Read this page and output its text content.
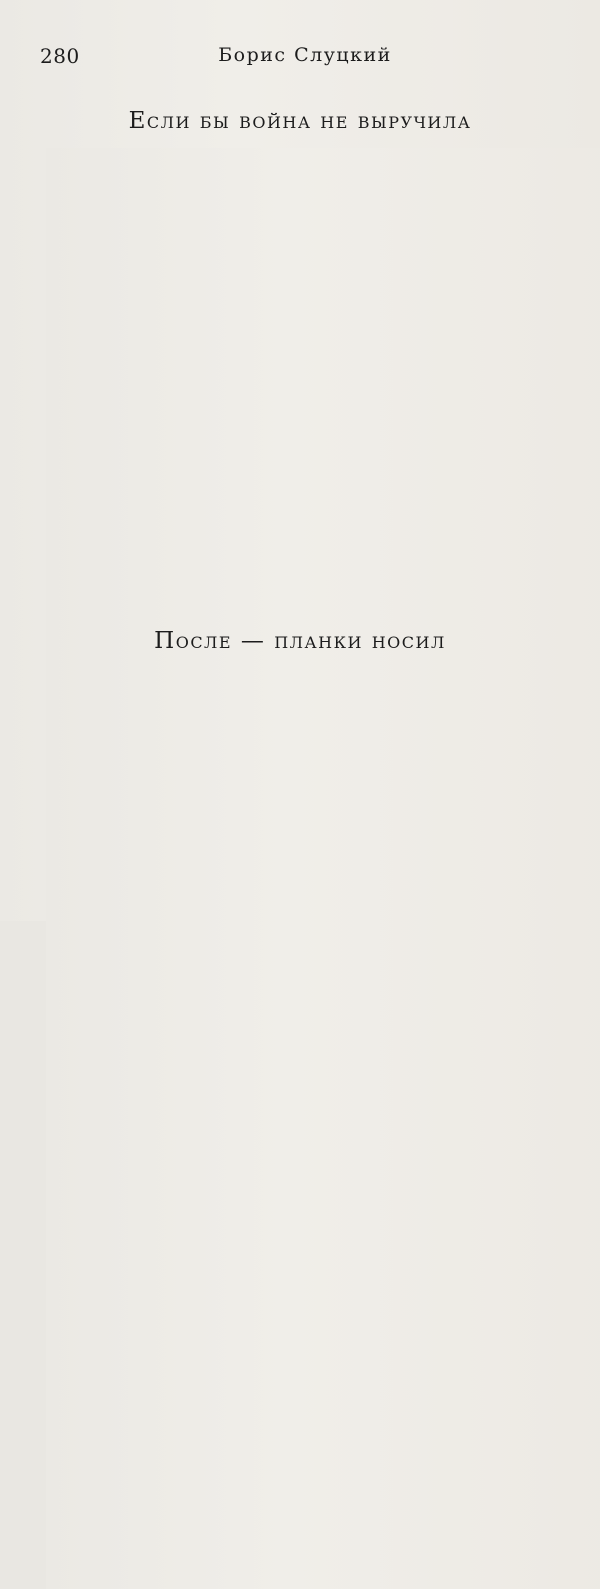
280	Борис Слуцкий
Если бы война не выручила
. . .
. . .
. . .
. . .
. . .
. . .
. . .
. . .
. . .
. . .
. . .
. . .
. . .
. . .
. . .
. . .
После — планки носил
. . .
. . .
. . .
. . .
. . .
. . .
